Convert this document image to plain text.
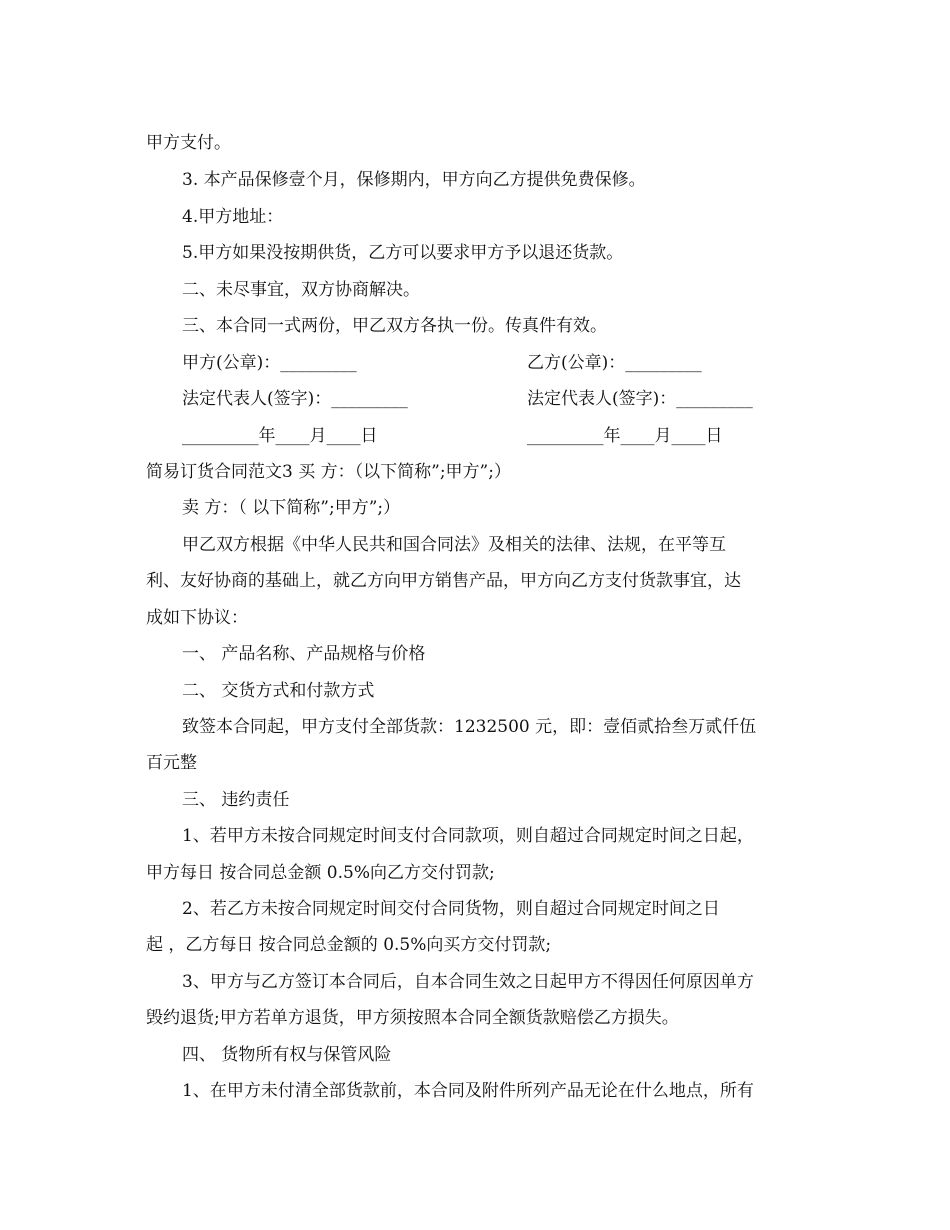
甲方支付。
3. 本产品保修壹个月，保修期内，甲方向乙方提供免费保修。
4.甲方地址：
5.甲方如果没按期供货，乙方可以要求甲方予以退还货款。
二、未尽事宜，双方协商解决。
三、本合同一式两份，甲乙双方各执一份。传真件有效。
甲方(公章)：_________	乙方(公章)：_________
法定代表人(签字)：_________	法定代表人(签字)：_________
_________年____月____日	_________年____月____日
简易订货合同范文3 买 方：（以下简称”;甲方”;）
卖 方：（ 以下简称”;甲方”;）
甲乙双方根据《中华人民共和国合同法》及相关的法律、法规，在平等互
利、友好协商的基础上，就乙方向甲方销售产品，甲方向乙方支付货款事宜，达
成如下协议：
一、 产品名称、产品规格与价格
二、 交货方式和付款方式
致签本合同起，甲方支付全部货款：1232500 元，即：壹佰贰拾叁万贰仟伍
百元整
三、 违约责任
1、若甲方未按合同规定时间支付合同款项，则自超过合同规定时间之日起，
甲方每日 按合同总金额 0.5%向乙方交付罚款;
2、若乙方未按合同规定时间交付合同货物，则自超过合同规定时间之日
起 ，乙方每日 按合同总金额的 0.5%向买方交付罚款;
3、甲方与乙方签订本合同后，自本合同生效之日起甲方不得因任何原因单方
毁约退货;甲方若单方退货，甲方须按照本合同全额货款赔偿乙方损失。
四、 货物所有权与保管风险
1、在甲方未付清全部货款前，本合同及附件所列产品无论在什么地点，所有
